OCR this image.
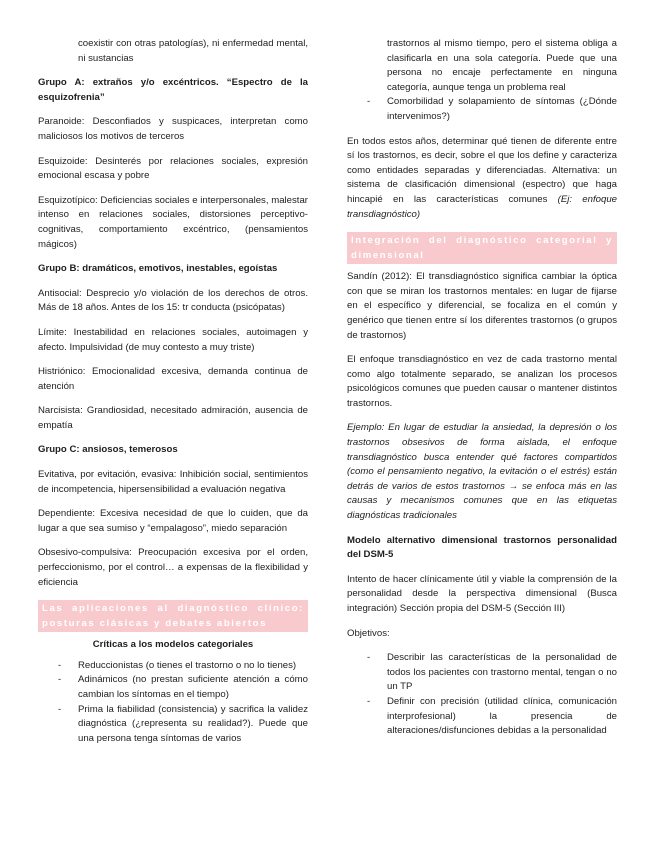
coexistir con otras patologías), ni enfermedad mental, ni sustancias
Grupo A: extraños y/o excéntricos. “Espectro de la esquizofrenia”

Paranoide: Desconfiados y suspicaces, interpretan como maliciosos los motivos de terceros

Esquizoide: Desinterés por relaciones sociales, expresión emocional escasa y pobre

Esquizotípico: Deficiencias sociales e interpersonales, malestar intenso en relaciones sociales, distorsiones perceptivo-cognitivas, comportamiento excéntrico, (pensamientos mágicos)

Grupo B: dramáticos, emotivos, inestables, egoístas

Antisocial: Desprecio y/o violación de los derechos de otros. Más de 18 años. Antes de los 15: tr conducta (psicópatas)

Límite: Inestabilidad en relaciones sociales, autoimagen y afecto. Impulsividad (de muy contesto a muy triste)

Histriónico: Emocionalidad excesiva, demanda continua de atención

Narcisista: Grandiosidad, necesitado admiración, ausencia de empatía

Grupo C: ansiosos, temerosos

Evitativa, por evitación, evasiva: Inhibición social, sentimientos de incompetencia, hipersensibilidad a evaluación negativa

Dependiente: Excesiva necesidad de que lo cuiden, que da lugar a que sea sumiso y “empalagoso”, miedo separación

Obsesivo-compulsiva: Preocupación excesiva por el orden, perfeccionismo, por el control… a expensas de la flexibilidad y eficiencia

Las aplicaciones al diagnóstico clínico: posturas clásicas y debates abiertos
Críticas a los modelos categoriales
- Reduccionistas (o tienes el trastorno o no lo tienes)
- Adinámicos (no prestan suficiente atención a cómo cambian los síntomas en el tiempo)
- Prima la fiabilidad (consistencia) y sacrifica la validez diagnóstica (¿representa su realidad?). Puede que una persona tenga síntomas de varios
trastornos al mismo tiempo, pero el sistema obliga a clasificarla en una sola categoría. Puede que una persona no encaje perfectamente en ninguna categoría, aunque tenga un problema real
- Comorbilidad y solapamiento de síntomas (¿Dónde intervenimos?)

En todos estos años, determinar qué tienen de diferente entre sí los trastornos, es decir, sobre el que los define y caracteriza como entidades separadas y diferenciadas. Alternativa: un sistema de clasificación dimensional (espectro) que haga hincapié en las características comunes (Ej: enfoque transdiagnóstico)

Integración del diagnóstico categorial y dimensional

Sandín (2012): El transdiagnóstico significa cambiar la óptica con que se miran los trastornos mentales: en lugar de fijarse en el específico y diferencial, se focaliza en el común y genérico que tienen entre sí los diferentes trastornos (o grupos de trastornos)

El enfoque transdiagnóstico en vez de cada trastorno mental como algo totalmente separado, se analizan los procesos psicológicos comunes que pueden causar o mantener distintos trastornos.

Ejemplo: En lugar de estudiar la ansiedad, la depresión o los trastornos obsesivos de forma aislada, el enfoque transdiagnóstico busca entender qué factores compartidos (como el pensamiento negativo, la evitación o el estrés) están detrás de varios de estos trastornos → se enfoca más en las causas y mecanismos comunes que en las etiquetas diagnósticas tradicionales

Modelo alternativo dimensional trastornos personalidad del DSM-5

Intento de hacer clínicamente útil y viable la comprensión de la personalidad desde la perspectiva dimensional (Busca integración) Sección propia del DSM-5 (Sección III)

Objetivos:

- Describir las características de la personalidad de todos los pacientes con trastorno mental, tengan o no un TP
- Definir con precisión (utilidad clínica, comunicación interprofesional) la presencia de alteraciones/disfunciones debidas a la personalidad
